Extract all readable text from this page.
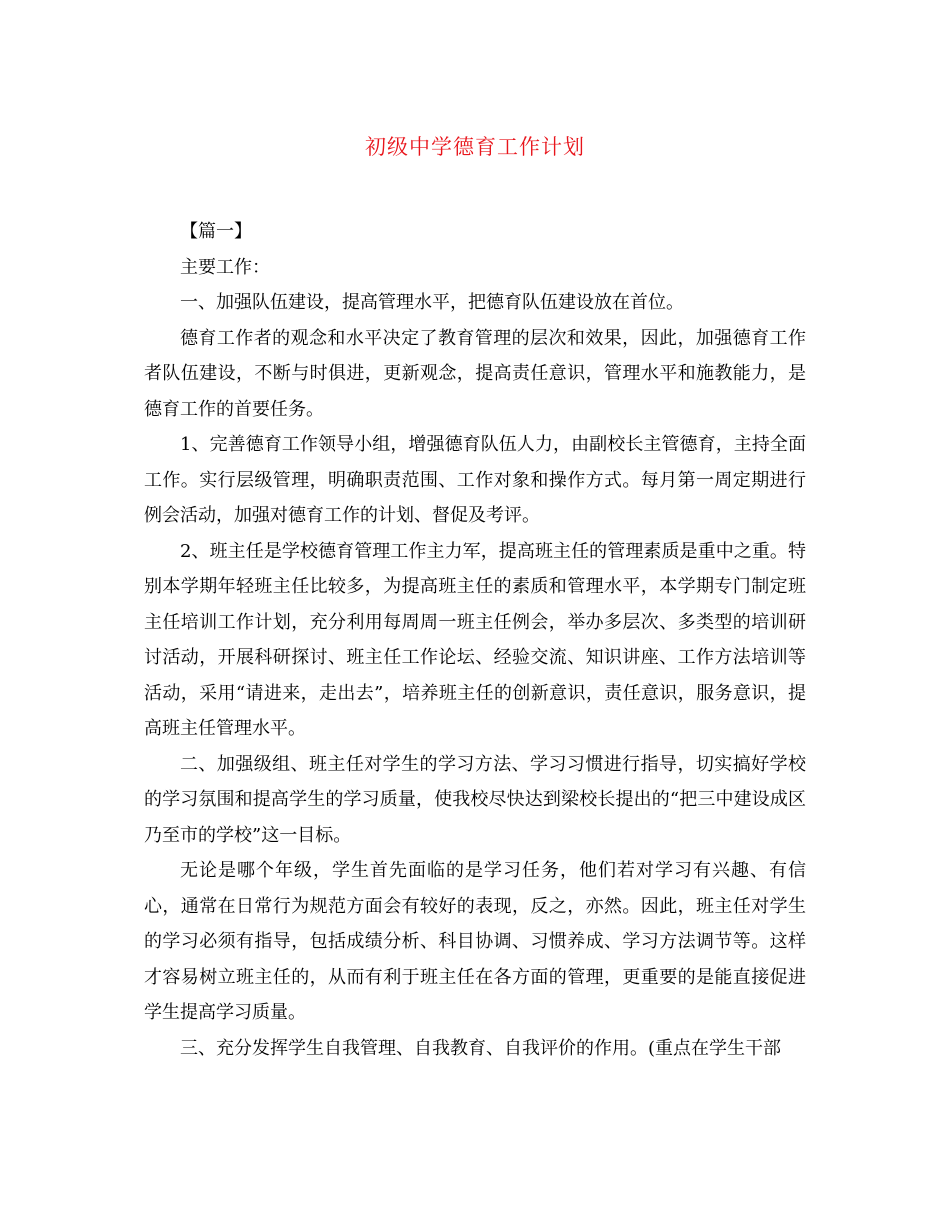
初级中学德育工作计划

【篇一】

主要工作：

一、加强队伍建设，提高管理水平，把德育队伍建设放在首位。

德育工作者的观念和水平决定了教育管理的层次和效果，因此，加强德育工作者队伍建设，不断与时俱进，更新观念，提高责任意识，管理水平和施教能力，是德育工作的首要任务。

1、完善德育工作领导小组，增强德育队伍人力，由副校长主管德育，主持全面工作。实行层级管理，明确职责范围、工作对象和操作方式。每月第一周定期进行例会活动，加强对德育工作的计划、督促及考评。

2、班主任是学校德育管理工作主力军，提高班主任的管理素质是重中之重。特别本学期年轻班主任比较多，为提高班主任的素质和管理水平，本学期专门制定班主任培训工作计划，充分利用每周周一班主任例会，举办多层次、多类型的培训研讨活动，开展科研探讨、班主任工作论坛、经验交流、知识讲座、工作方法培训等活动，采用“请进来，走出去”，培养班主任的创新意识，责任意识，服务意识，提高班主任管理水平。

二、加强级组、班主任对学生的学习方法、学习习惯进行指导，切实搞好学校的学习氛围和提高学生的学习质量，使我校尽快达到梁校长提出的“把三中建设成区乃至市的学校”这一目标。

无论是哪个年级，学生首先面临的是学习任务，他们若对学习有兴趣、有信心，通常在日常行为规范方面会有较好的表现，反之，亦然。因此，班主任对学生的学习必须有指导，包括成绩分析、科目协调、习惯养成、学习方法调节等。这样才容易树立班主任的，从而有利于班主任在各方面的管理，更重要的是能直接促进学生提高学习质量。

三、充分发挥学生自我管理、自我教育、自我评价的作用。(重点在学生干部
